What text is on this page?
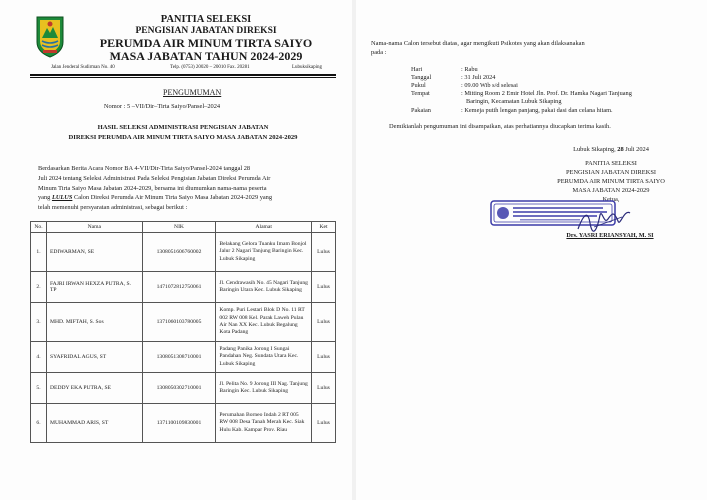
PANITIA SELEKSI
PENGISIAN JABATAN DIREKSI
PERUMDA AIR MINUM TIRTA SAIYO
MASA JABATAN TAHUN 2024-2029
Jalan Jenderal Sudirman No. 40	Telp. (0753) 20020 – 20010 Fax. 20281	Lubuksikaping
PENGUMUMAN
Nomor : 5 –VII/Dir–Tirta Saiyo/Pansel–2024
HASIL SELEKSI ADMINISTRASI PENGISIAN JABATAN
DIREKSI PERUMDA AIR MINUM TIRTA SAIYO MASA JABATAN 2024-2029
Berdasarkan Berita Acara Nomor BA 4-VII/Dir-Tirta Saiyo/Pansel-2024 tanggal 28
Juli 2024 tentang Seleksi Administrasi Pada Seleksi Pengisian Jabatan Direksi Perumda Air
Minum Tirta Saiyo Masa Jabatan 2024-2029, bersama ini diumumkan nama-nama peserta
yang LULUS Calon Direksi Perumda Air Minum Tirta Saiyo Masa Jabatan 2024-2029 yang
telah memenuhi persyaratan administrasi, sebagai berikut :
No.	Nama	NIK	Alamat	Ket
1.	EDIWARMAN, SE	1308051606760002	Belakang Gelora Tuanku Imam Bonjol Jalur 2 Nagari Tanjung Baringin Kec. Lubuk Sikaping	Lulus
2.	FAJRI IRWAN HEXZA PUTRA, S. TP	1471072812750061	Jl. Cendrawasih No. 45 Nagari Tanjung Baringin Utara Kec. Lubuk Sikaping	Lulus
3.	MHD. MIFTAH, S. Sos	1371060103780005	Komp. Puri Lestari Blok D No. 11 RT 002 RW 008 Kel. Parak Laweh Pulau Air Nan XX Kec. Lubuk Begalung Kota Padang	Lulus
4.	SYAFRIDAL AGUS, ST	1308051308710001	Padang Panika Jorong I Sungai Pandahan Neg. Sundata Utara Kec. Lubuk Sikaping	Lulus
5.	DEDDY EKA PUTRA, SE	1308050302710001	Jl. Pelita No. 9 Jorong III Nag. Tanjung Baringin Kec. Lubuk Sikaping	Lulus
6.	MUHAMMAD ARIS, ST	1371100109830001	Perumahan Borneo Indah 2 RT 005 RW 008 Desa Tanah Merah Kec. Siak Hulu Kab. Kampar Prov. Riau	Lulus
Nama-nama Calon tersebut diatas, agar mengikuti Psikotes yang akan dilaksanakan
pada :
Hari	: Rabu
Tanggal	: 31 Juli 2024
Pukul	: 09.00 Wib s/d selesai
Tempat	: Mitting Room 2 Emir Hotel Jln. Prof. Dr. Hamka Nagari Tanjuang
Baringin, Kecamatan Lubuk Sikaping
Pakaian	: Kemeja putih lengan panjang, pakai dasi dan celana hitam.
Demikianlah pengumuman ini disampaikan, atas perhatiannya diucapkan terima kasih.
Lubuk Sikaping, 28 Juli 2024
PANITIA SELEKSI
PENGISIAN JABATAN DIREKSI
PERUMDA AIR MINUM TIRTA SAIYO
MASA JABATAN 2024-2029
Ketua,
Drs. YASRI ERIANSYAH, M. SI
